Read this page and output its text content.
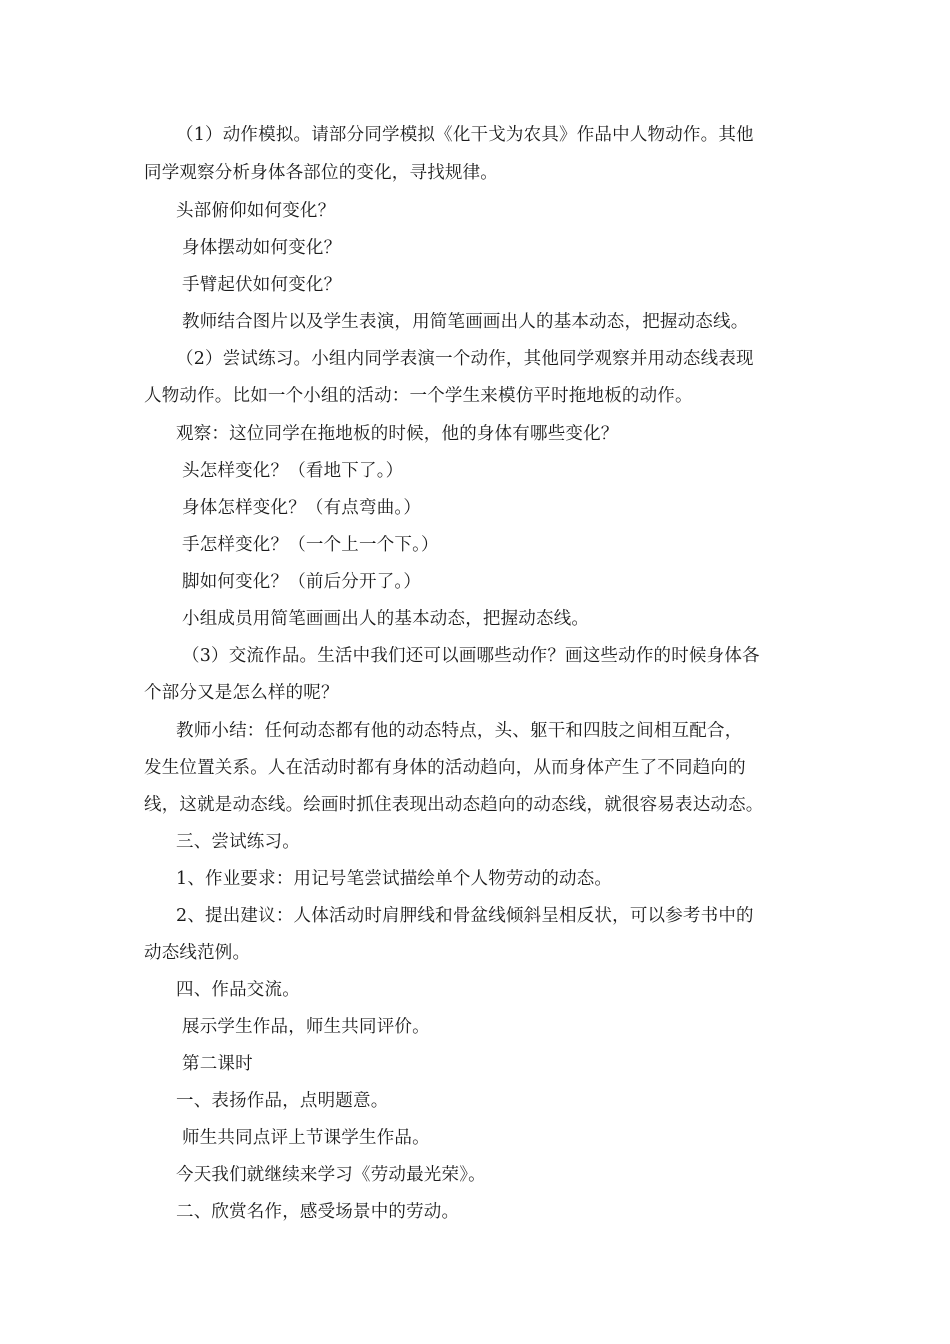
（1）动作模拟。请部分同学模拟《化干戈为农具》作品中人物动作。其他
同学观察分析身体各部位的变化，寻找规律。
头部俯仰如何变化？
身体摆动如何变化？
手臂起伏如何变化？
教师结合图片以及学生表演，用简笔画画出人的基本动态，把握动态线。
（2）尝试练习。小组内同学表演一个动作，其他同学观察并用动态线表现
人物动作。比如一个小组的活动：一个学生来模仿平时拖地板的动作。
观察：这位同学在拖地板的时候，他的身体有哪些变化？
头怎样变化？（看地下了。）
身体怎样变化？（有点弯曲。）
手怎样变化？（一个上一个下。）
脚如何变化？（前后分开了。）
小组成员用简笔画画出人的基本动态，把握动态线。
（3）交流作品。生活中我们还可以画哪些动作？画这些动作的时候身体各
个部分又是怎么样的呢？
教师小结：任何动态都有他的动态特点，头、躯干和四肢之间相互配合，
发生位置关系。人在活动时都有身体的活动趋向，从而身体产生了不同趋向的
线，这就是动态线。绘画时抓住表现出动态趋向的动态线，就很容易表达动态。
三、尝试练习。
1、作业要求：用记号笔尝试描绘单个人物劳动的动态。
2、提出建议：人体活动时肩胛线和骨盆线倾斜呈相反状，可以参考书中的
动态线范例。
四、作品交流。
展示学生作品，师生共同评价。
第二课时
一、表扬作品，点明题意。
师生共同点评上节课学生作品。
今天我们就继续来学习《劳动最光荣》。
二、欣赏名作，感受场景中的劳动。
